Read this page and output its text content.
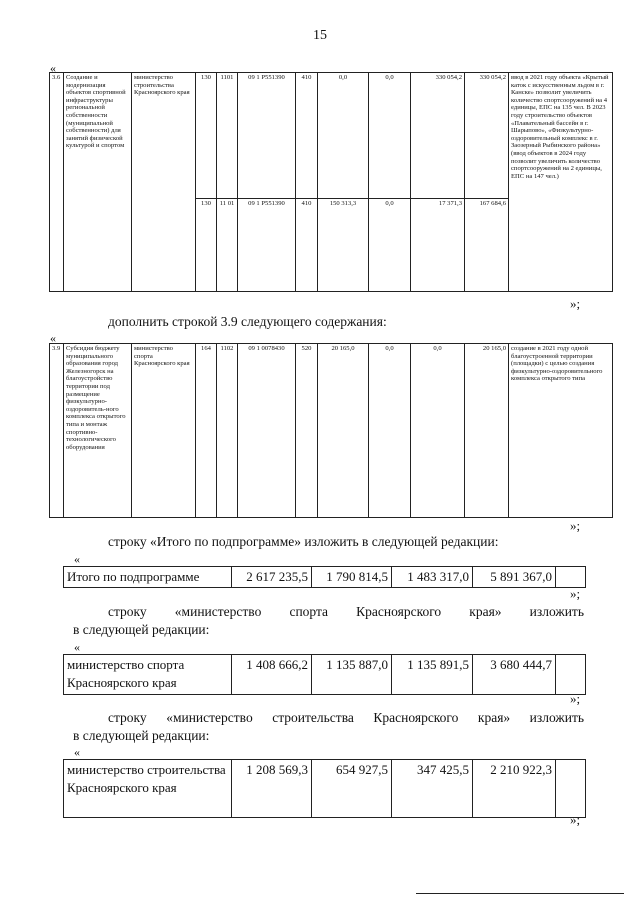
15
«
3.6	Создание и модернизация объектов спортивной инфраструктуры региональной собственности (муниципальной собственности) для занятий физической культурой и спортом	министерство строительства Красноярского края	130	1101	09 1 Р551390	410	0,0	0,0	330 054,2	330 054,2	ввод в 2021 году объекта «Крытый каток с искусственным льдом в г. Канске» позволит увеличить количество спортсооружений на 4 единицы, ЕПС на 135 чел. В 2023 году строительство объектов «Плавательный бассейн в г. Шарыпово», «Физкультурно-оздоровительный комплекс в г. Заозерный Рыбинского района» (ввод объектов в 2024 году позволит увеличить количество спортсооружений на 2 единицы, ЕПС на 147 чел.)
			130	11 01	09 1 Р551390	410	150 313,3	0,0	17 371,3	167 684,6	
»;
дополнить строкой 3.9 следующего содержания:
«
3.9	Субсидия бюджету муниципального образования город Железногорск на благоустройство территории под размещение физкультурно-оздоровитель-ного комплекса открытого типа и монтаж спортивно-технологического оборудования	министерство спорта Красноярского края	164	1102	09 1 0078430	520	20 165,0	0,0	0,0	20 165,0	создание в 2021 году одной благоустроенной территории (площадки) с целью создания физкультурно-оздоровительного комплекса открытого типа
»;
строку «Итого по подпрограмме» изложить в следующей редакции:
«
Итого по подпрограмме	2 617 235,5	1 790 814,5	1 483 317,0	5 891 367,0	
»;
строку «министерство спорта Красноярского края» изложить
в следующей редакции:
«
министерство спорта Красноярского края	1 408 666,2	1 135 887,0	1 135 891,5	3 680 444,7	
»;
строку «министерство строительства Красноярского края» изложить
в следующей редакции:
«
министерство строительства Красноярского края	1 208 569,3	654 927,5	347 425,5	2 210 922,3	
»;
